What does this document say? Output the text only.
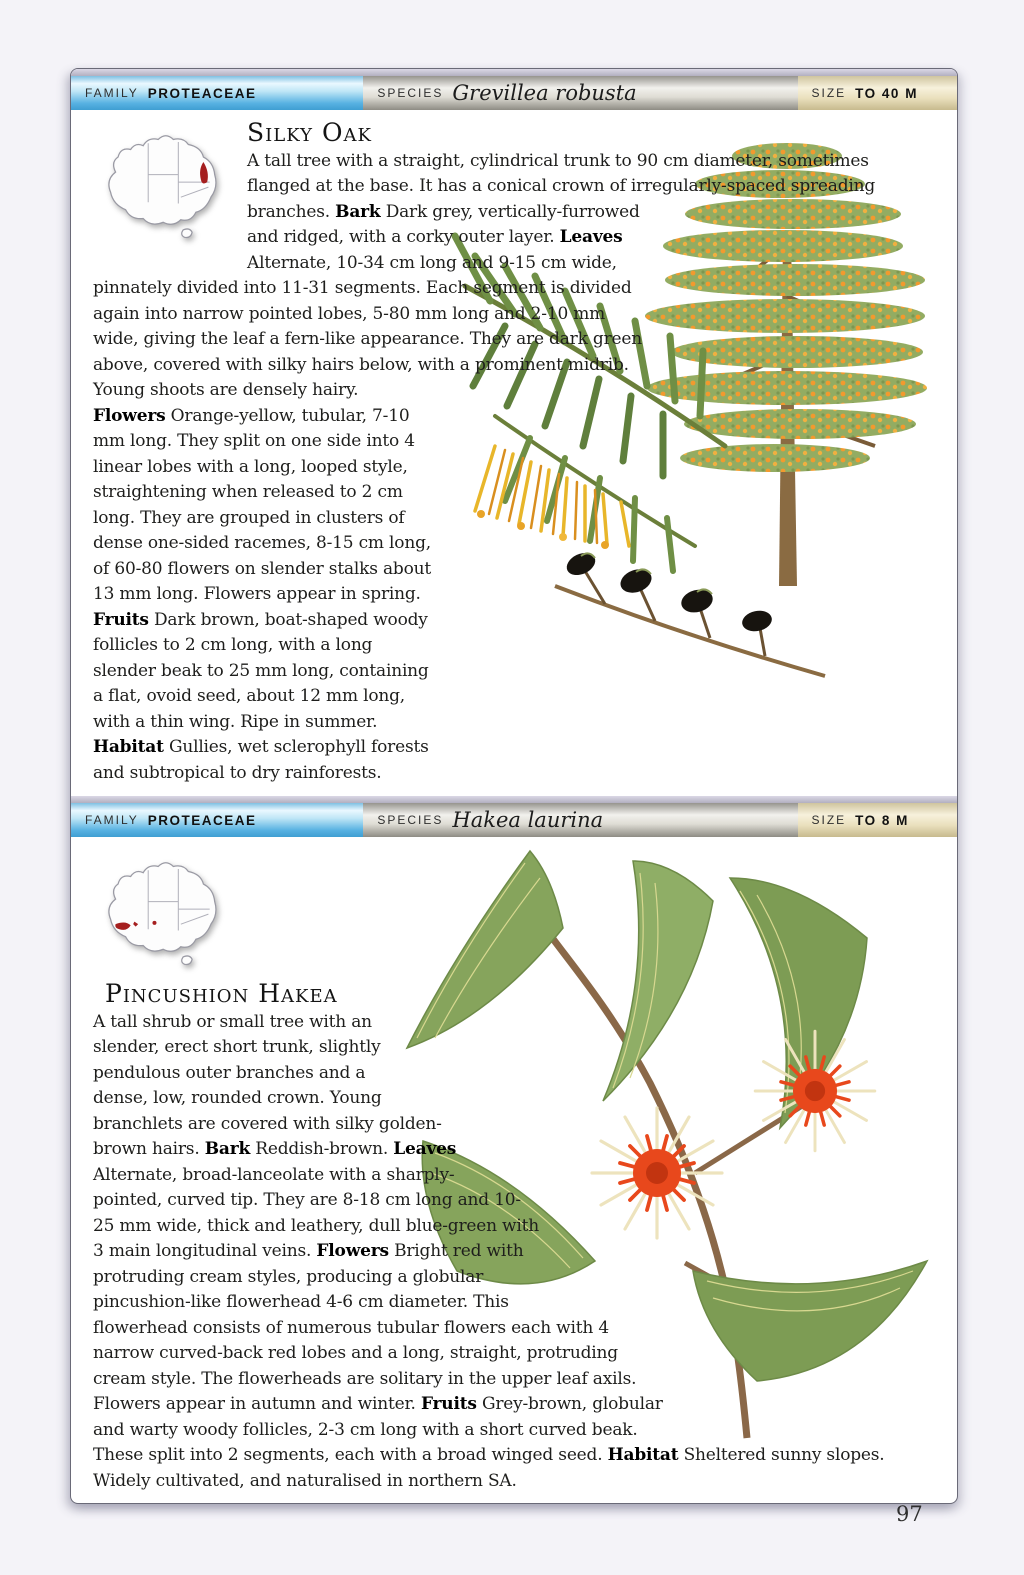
FAMILY PROTEACEAE	SPECIES Grevillea robusta	SIZE TO 40 M
Silky Oak

A tall tree with a straight, cylindrical trunk to 90 cm diameter, sometimes flanged at the base. It has a conical crown of irregularly-spaced spreading branches. Bark Dark grey, vertically-furrowed and ridged, with a corky outer layer. Leaves Alternate, 10-34 cm long and 9-15 cm wide, pinnately divided into 11-31 segments. Each segment is divided again into narrow pointed lobes, 5-80 mm long and 2-10 mm wide, giving the leaf a fern-like appearance. They are dark green above, covered with silky hairs below, with a prominent midrib. Young shoots are densely hairy. Flowers Orange-yellow, tubular, 7-10 mm long. They split on one side into 4 linear lobes with a long, looped style, straightening when released to 2 cm long. They are grouped in clusters of dense one-sided racemes, 8-15 cm long, of 60-80 flowers on slender stalks about 13 mm long. Flowers appear in spring. Fruits Dark brown, boat-shaped woody follicles to 2 cm long, with a long slender beak to 25 mm long, containing a flat, ovoid seed, about 12 mm long, with a thin wing. Ripe in summer. Habitat Gullies, wet sclerophyll forests and subtropical to dry rainforests.

FAMILY PROTEACEAE	SPECIES Hakea laurina	SIZE TO 8 M
Pincushion Hakea

A tall shrub or small tree with an slender, erect short trunk, slightly pendulous outer branches and a dense, low, rounded crown. Young branchlets are covered with silky golden-brown hairs. Bark Reddish-brown. Leaves Alternate, broad-lanceolate with a sharply-pointed, curved tip. They are 8-18 cm long and 10-25 mm wide, thick and leathery, dull blue-green with 3 main longitudinal veins. Flowers Bright red with protruding cream styles, producing a globular pincushion-like flowerhead 4-6 cm diameter. This flowerhead consists of numerous tubular flowers each with 4 narrow curved-back red lobes and a long, straight, protruding cream style. The flowerheads are solitary in the upper leaf axils. Flowers appear in autumn and winter. Fruits Grey-brown, globular and warty woody follicles, 2-3 cm long with a short curved beak. These split into 2 segments, each with a broad winged seed. Habitat Sheltered sunny slopes. Widely cultivated, and naturalised in northern SA.

97
